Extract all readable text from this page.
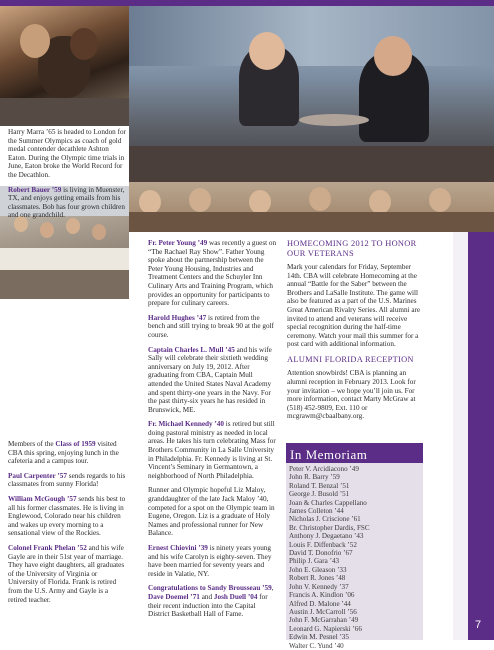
Harry Marra ’65 is headed to London for the Summer Olympics as coach of gold medal contender decathlete Ashton Eaton. During the Olympic time trials in June, Eaton broke the World Record for the Decathlon.

Robert Bauer ’59 is living in Muenster, TX, and enjoys getting emails from his classmates. Bob has four grown children and one grandchild.

Members of the Class of 1959 visited CBA this spring, enjoying lunch in the cafeteria and a campus tour.

Paul Carpenter ’57 sends regards to his classmates from sunny Florida!

William McGough ’57 sends his best to all his former classmates. He is living in Englewood, Colorado near his children and wakes up every morning to a sensational view of the Rockies.

Colonel Frank Phelan ’52 and his wife Gayle are in their 51st year of marriage. They have eight daughters, all graduates of the University of Virginia or University of Florida. Frank is retired from the U.S. Army and Gayle is a retired teacher.

Fr. Peter Young ’49 was recently a guest on “The Rachael Ray Show”. Father Young spoke about the partnership between the Peter Young Housing, Industries and Treatment Centers and the Schuyler Inn Culinary Arts and Training Program, which provides an opportunity for participants to prepare for culinary careers.

Harold Hughes ’47 is retired from the bench and still trying to break 90 at the golf course.

Captain Charles L. Mull ’45 and his wife Sally will celebrate their sixtieth wedding anniversary on July 19, 2012. After graduating from CBA, Captain Mull attended the United States Naval Academy and spent thirty-one years in the Navy. For the past thirty-six years he has resided in Brunswick, ME.

Fr. Michael Kennedy ’40 is retired but still doing pastoral ministry as needed in local areas. He takes his turn celebrating Mass for Brothers Community in La Salle University in Philadelphia. Fr. Kennedy is living at St. Vincent’s Seminary in Germantown, a neighborhood of North Philadelphia.

Runner and Olympic hopeful Liz Maloy, granddaughter of the late Jack Maloy ’40, competed for a spot on the Olympic team in Eugene, Oregon. Liz is a graduate of Holy Names and professional runner for New Balance.

Ernest Chiovini ’39 is ninety years young and his wife Carolyn is eighty-seven. They have been married for seventy years and reside in Valatie, NY.

Congratulations to Sandy Brousseau ’59, Dave Doemel ’71 and Josh Duell ’04 for their recent induction into the Capital District Basketball Hall of Fame.

HOMECOMING 2012 TO HONOR OUR VETERANS

Mark your calendars for Friday, September 14th. CBA will celebrate Homecoming at the annual “Battle for the Saber” between the Brothers and LaSalle Institute. The game will also be featured as a part of the U.S. Marines Great American Rivalry Series. All alumni are invited to attend and veterans will receive special recognition during the half-time ceremony. Watch your mail this summer for a post card with additional information.

ALUMNI FLORIDA RECEPTION

Attention snowbirds! CBA is planning an alumni reception in February 2013. Look for your invitation – we hope you’ll join us. For more information, contact Marty McGraw at (518) 452-9809, Ext. 110 or mcgrawm@cbaalbany.org.

In Memoriam
Peter V. Arcidiacono ’49
John R. Barry ’59
Roland T. Benzal ’51
George J. Busold ’51
Joan & Charles Cappellano
James Colleton ’44
Nicholas J. Criscione ’61
Br. Christopher Dardis, FSC
Anthony J. Degaetano ’43
Louis F. Diffenback ’52
David T. Donofrio ’67
Philip J. Gara ’43
John E. Gleason ’33
Robert R. Jones ’48
John V. Kennedy ’37
Francis A. Kindlon ’06
Alfred D. Malone ’44
Austin J. McCarroll ’56
John F. McGarrahan ’49
Leonard G. Napierski ’66
Edwin M. Pesnel ’35
Walter C. Yund ’40
7
